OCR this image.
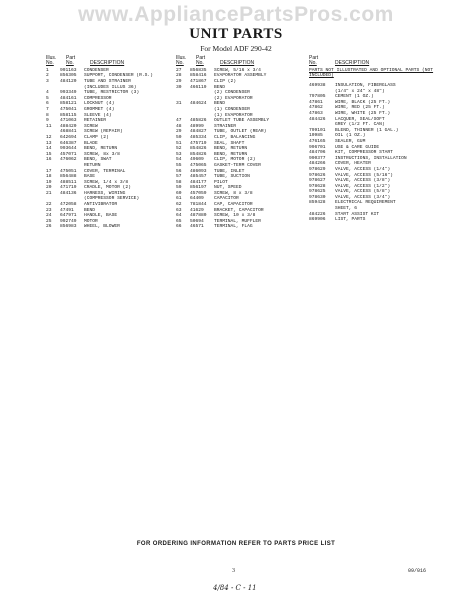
www.AppliancePartsPros.com
UNIT PARTS
For Model ADF 290-42
Illus.	Part
No.	No.	DESCRIPTION
1	991163	CONDENSER
2	856305	SUPPORT, CONDENSER (R.S.)
3	484120	TUBE AND STRAINER
(INCLUDES ILLUS 36)
4	993349	TUBE, RESTRICTOR (3)
5	484161	COMPRESSOR
6	858121	LOCKNUT (4)
7	475041	GROMMET (4)
8	858115	SLEEVE (4)
9	471063	RETAINER
11	488420	SCREW
468841	SCREW (REPAIR)
12	642694	CLAMP (2)
13	646387	BLADE
14	993644	BEND, RETURN
15	457071	SCREW, 8x 3/8
16	476062	BEND, SWAT
RETURN
17	475051	COVER, TERMINAL
18	856488	BASE
19	488511	SCREW, 1/4 x 3/8
20	471719	CRADLE, MOTOR (2)
21	484136	HARNESS, WIRING
(COMPRESSOR SERVICE)
22	472058	ANTIVIBRATOR
23	47491	BEND
24	647971	HANDLE, BASE
25	992749	MOTOR
26	856983	WHEEL, BLOWER
Illus.	Part
No.	No.	DESCRIPTION
27	856835	SCREW, 5/16 x 3/4
28	858416	EVAPORATOR ASSEMBLY
29	471867	CLIP (2)
30	466119	BEND
(2) CONDENSER
(2) EVAPORATOR
31	484624	BEND
(1) CONDENSER
(1) EVAPORATOR
47	485826	OUTLET TUBE ASSEMBLY
48	48999	STRAINER
29	484827	TUBE, OUTLET (REAR)
50	485334	CLIP, BALANCING
51	475719	SEAL, SHAFT
52	854826	BEND, RETURN
53	854826	BEND, RETURN
54	49609	CLIP, MOTOR (2)
55	475065	GASKET-TERM COVER
56	486093	TUBE, INLET
57	485457	TUBE, SUCTION
58	484177	PILOT
59	856197	NUT, SPEED
60	457059	SCREW, 8 x 3/8
61	64409	CAPACITOR
62	781844	CAP, CAPACITOR
63	41629	BRACKET, CAPACITOR
64	487880	SCREW, 10 x 3/8
65	50694	TERMINAL, MUFFLER
66	46571	TERMINAL, FLAG
Part
No.	DESCRIPTION
PARTS NOT ILLUSTRATED AND OPTIONAL PARTS (NOT INCLUDED)
469938	INSULATION, FIBERGLASS
(1/4" x 24" x 48")
797805	CEMENT (1 OZ.)
47861	WIRE, BLACK (25 FT.)
47862	WIRE, RED (25 FT.)
47863	WIRE, WHITE (25 FT.)
484426	LACQUER, SEAL/SOFT
GREY (1/2 FT. CAN)
799101	BLEND, THINNER (1 GAL.)
10985	OIL (1 OZ.)
476165	SEALER, GUM
996701	USE & CARE GUIDE
484706	KIT, COMPRESSOR START
990377	INSTRUCTIONS, INSTALLATION
484266	COVER, HEATER
978629	VALVE, ACCESS (1/4")
978626	VALVE, ACCESS (5/16")
978627	VALVE, ACCESS (3/8")
978628	VALVE, ACCESS (1/2")
978625	VALVE, ACCESS (5/8")
978630	VALVE, ACCESS (3/4")
859428	ELECTRICAL REQUIREMENT
SHEET, 6
484226	START ASSIST KIT
869906	LIST, PARTS
FOR ORDERING INFORMATION REFER TO PARTS PRICE LIST
3	09/016
4/84 - C - 11
